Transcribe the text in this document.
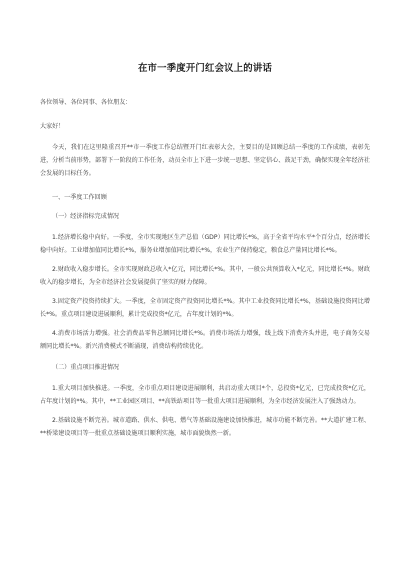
在市一季度开门红会议上的讲话

各位领导、各位同事、各位朋友：

大家好！

今天，我们在这里隆重召开**市一季度工作总结暨开门红表彰大会，主要目的是回顾总结一季度的工作成绩，表彰先进，分析当前形势，部署下一阶段的工作任务，动员全市上下进一步统一思想、坚定信心、鼓足干劲，确保实现全年经济社会发展的目标任务。

一、一季度工作回顾

（一）经济指标完成情况

1.经济增长稳中向好。一季度，全市实现地区生产总值（GDP）同比增长*%，高于全省平均水平*个百分点，经济增长稳中向好。工业增加值同比增长*%，服务业增加值同比增长*%，农业生产保持稳定，粮食总产量同比增长*%。

2.财政收入稳步增长。全市实现财政总收入*亿元，同比增长*%。其中，一般公共预算收入*亿元，同比增长*%。财政收入的稳步增长，为全市经济社会发展提供了坚实的财力保障。

3.固定资产投资持续扩大。一季度，全市固定资产投资同比增长*%。其中工业投资同比增长*%，基础设施投资同比增长*%。重点项目建设进展顺利，累计完成投资*亿元，占年度计划的*%。

4.消费市场活力增强。社会消费品零售总额同比增长*%。消费市场活力增强，线上线下消费齐头并进，电子商务交易额同比增长*%。新兴消费模式不断涌现，消费结构持续优化。

（二）重点项目推进情况

1.重大项目加快推进。一季度，全市重点项目建设进展顺利，共启动重大项目*个，总投资*亿元，已完成投资*亿元，占年度计划的*%。其中，**工业园区项目、**高铁站项目等一批重大项目进展顺利，为全市经济发展注入了强劲动力。

2.基础设施不断完善。城市道路、供水、供电、燃气等基础设施建设加快推进，城市功能不断完善。**大道扩建工程、**桥梁建设项目等一批重点基础设施项目顺利实施，城市面貌焕然一新。
